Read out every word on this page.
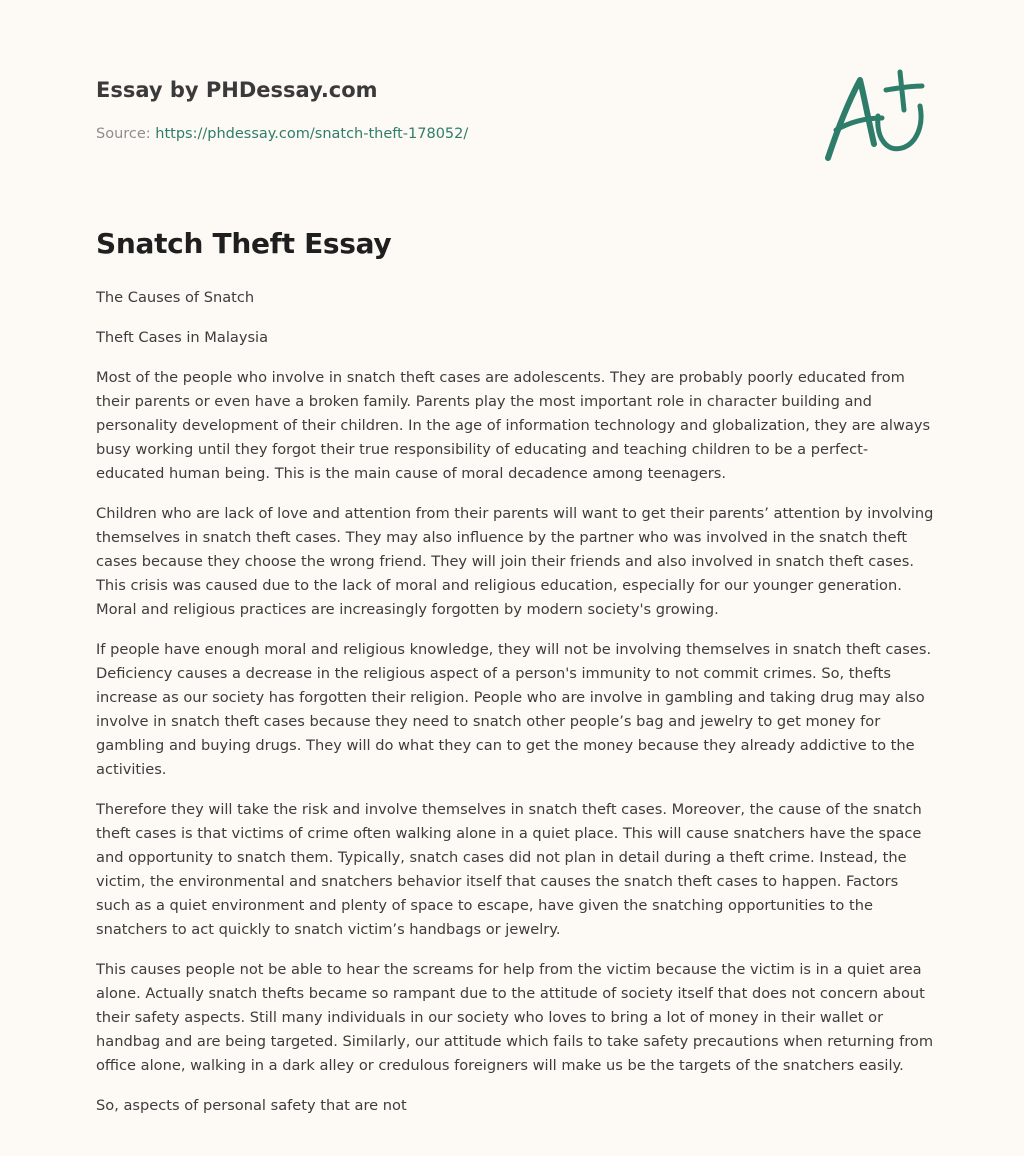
Essay by PHDessay.com

Source: https://phdessay.com/snatch-theft-178052/

Snatch Theft Essay

The Causes of Snatch

Theft Cases in Malaysia

Most of the people who involve in snatch theft cases are adolescents. They are probably poorly educated from their parents or even have a broken family. Parents play the most important role in character building and personality development of their children. In the age of information technology and globalization, they are always busy working until they forgot their true responsibility of educating and teaching children to be a perfect-educated human being. This is the main cause of moral decadence among teenagers.

Children who are lack of love and attention from their parents will want to get their parents’ attention by involving themselves in snatch theft cases. They may also influence by the partner who was involved in the snatch theft cases because they choose the wrong friend. They will join their friends and also involved in snatch theft cases. This crisis was caused due to the lack of moral and religious education, especially for our younger generation. Moral and religious practices are increasingly forgotten by modern society's growing.

If people have enough moral and religious knowledge, they will not be involving themselves in snatch theft cases. Deficiency causes a decrease in the religious aspect of a person's immunity to not commit crimes. So, thefts increase as our society has forgotten their religion. People who are involve in gambling and taking drug may also involve in snatch theft cases because they need to snatch other people’s bag and jewelry to get money for gambling and buying drugs. They will do what they can to get the money because they already addictive to the activities.

Therefore they will take the risk and involve themselves in snatch theft cases. Moreover, the cause of the snatch theft cases is that victims of crime often walking alone in a quiet place. This will cause snatchers have the space and opportunity to snatch them. Typically, snatch cases did not plan in detail during a theft crime. Instead, the victim, the environmental and snatchers behavior itself that causes the snatch theft cases to happen. Factors such as a quiet environment and plenty of space to escape, have given the snatching opportunities to the snatchers to act quickly to snatch victim’s handbags or jewelry.

This causes people not be able to hear the screams for help from the victim because the victim is in a quiet area alone. Actually snatch thefts became so rampant due to the attitude of society itself that does not concern about their safety aspects. Still many individuals in our society who loves to bring a lot of money in their wallet or handbag and are being targeted. Similarly, our attitude which fails to take safety precautions when returning from office alone, walking in a dark alley or credulous foreigners will make us be the targets of the snatchers easily.

So, aspects of personal safety that are not
